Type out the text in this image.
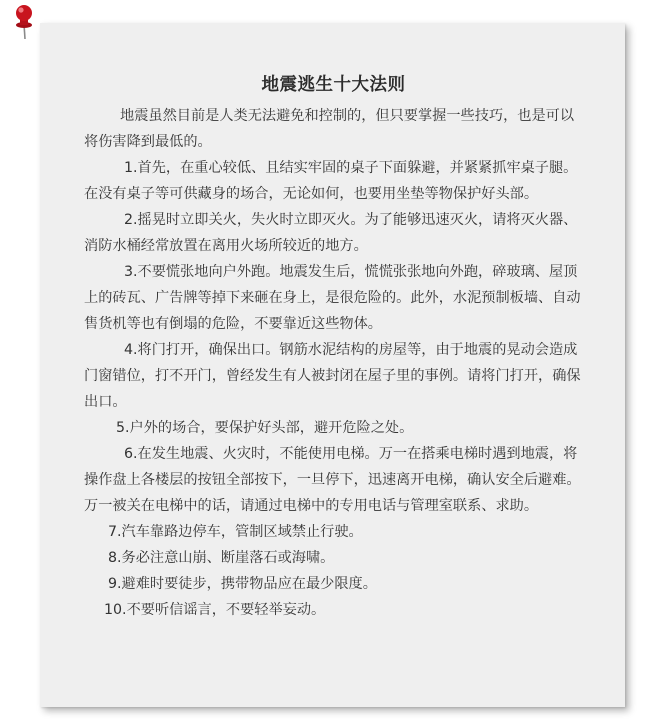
地震逃生十大法则

地震虽然目前是人类无法避免和控制的，但只要掌握一些技巧，也是可以将伤害降到最低的。

1.首先，在重心较低、且结实牢固的桌子下面躲避，并紧紧抓牢桌子腿。在没有桌子等可供藏身的场合，无论如何，也要用坐垫等物保护好头部。

2.摇晃时立即关火，失火时立即灭火。为了能够迅速灭火，请将灭火器、消防水桶经常放置在离用火场所较近的地方。

3.不要慌张地向户外跑。地震发生后，慌慌张张地向外跑，碎玻璃、屋顶上的砖瓦、广告牌等掉下来砸在身上，是很危险的。此外，水泥预制板墙、自动售货机等也有倒塌的危险，不要靠近这些物体。

4.将门打开，确保出口。钢筋水泥结构的房屋等，由于地震的晃动会造成门窗错位，打不开门，曾经发生有人被封闭在屋子里的事例。请将门打开，确保出口。

5.户外的场合，要保护好头部，避开危险之处。

6.在发生地震、火灾时，不能使用电梯。万一在搭乘电梯时遇到地震，将操作盘上各楼层的按钮全部按下，一旦停下，迅速离开电梯，确认安全后避难。万一被关在电梯中的话，请通过电梯中的专用电话与管理室联系、求助。

7.汽车靠路边停车，管制区域禁止行驶。

8.务必注意山崩、断崖落石或海啸。

9.避难时要徒步，携带物品应在最少限度。

10.不要听信谣言，不要轻举妄动。
